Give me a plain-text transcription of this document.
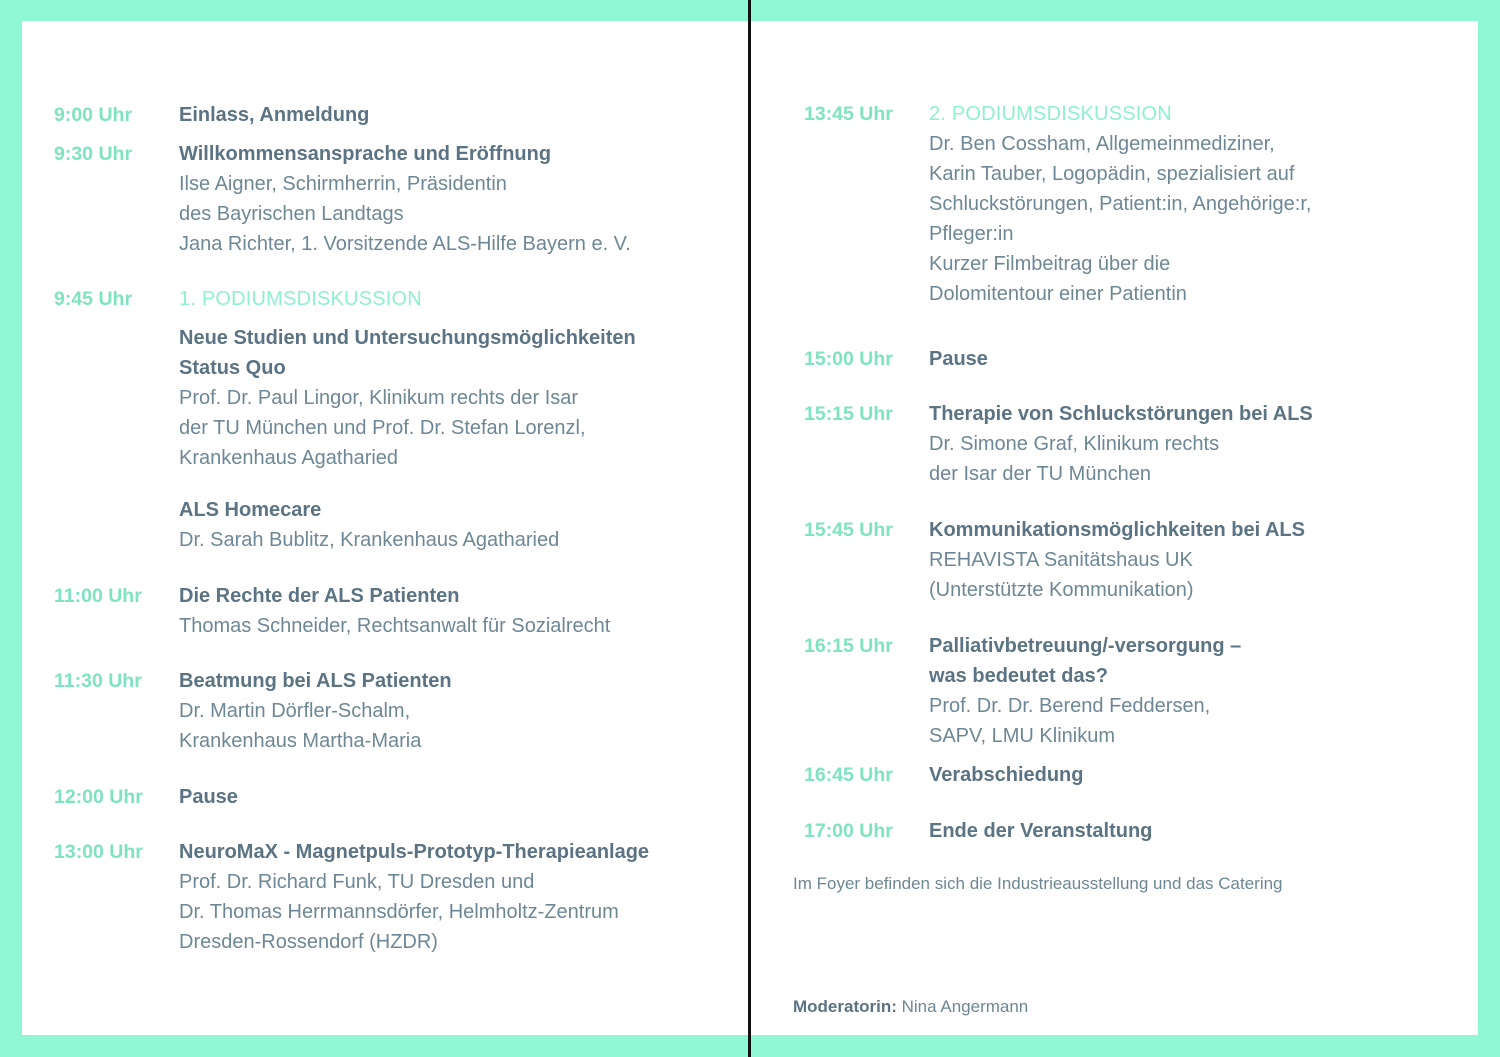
9:00 Uhr Einlass, Anmeldung
9:30 Uhr Willkommensansprache und Eröffnung
Ilse Aigner, Schirmherrin, Präsidentin
des Bayrischen Landtags
Jana Richter, 1. Vorsitzende ALS-Hilfe Bayern e. V.
9:45 Uhr 1. PODIUMSDISKUSSION
Neue Studien und Untersuchungsmöglichkeiten
Status Quo
Prof. Dr. Paul Lingor, Klinikum rechts der Isar
der TU München und Prof. Dr. Stefan Lorenzl,
Krankenhaus Agatharied
ALS Homecare
Dr. Sarah Bublitz, Krankenhaus Agatharied
11:00 Uhr Die Rechte der ALS Patienten
Thomas Schneider, Rechtsanwalt für Sozialrecht
11:30 Uhr Beatmung bei ALS Patienten
Dr. Martin Dörfler-Schalm,
Krankenhaus Martha-Maria
12:00 Uhr Pause
13:00 Uhr NeuroMaX - Magnetpuls-Prototyp-Therapieanlage
Prof. Dr. Richard Funk, TU Dresden und
Dr. Thomas Herrmannsdörfer, Helmholtz-Zentrum
Dresden-Rossendorf (HZDR)
13:45 Uhr 2. PODIUMSDISKUSSION
Dr. Ben Cossham, Allgemeinmediziner,
Karin Tauber, Logopädin, spezialisiert auf
Schluckstörungen, Patient:in, Angehörige:r,
Pfleger:in
Kurzer Filmbeitrag über die
Dolomitentour einer Patientin
15:00 Uhr Pause
15:15 Uhr Therapie von Schluckstörungen bei ALS
Dr. Simone Graf, Klinikum rechts
der Isar der TU München
15:45 Uhr Kommunikationsmöglichkeiten bei ALS
REHAVISTA Sanitätshaus UK
(Unterstützte Kommunikation)
16:15 Uhr Palliativbetreuung/-versorgung –
was bedeutet das?
Prof. Dr. Dr. Berend Feddersen,
SAPV, LMU Klinikum
16:45 Uhr Verabschiedung
17:00 Uhr Ende der Veranstaltung
Im Foyer befinden sich die Industrieausstellung und das Catering
Moderatorin: Nina Angermann
